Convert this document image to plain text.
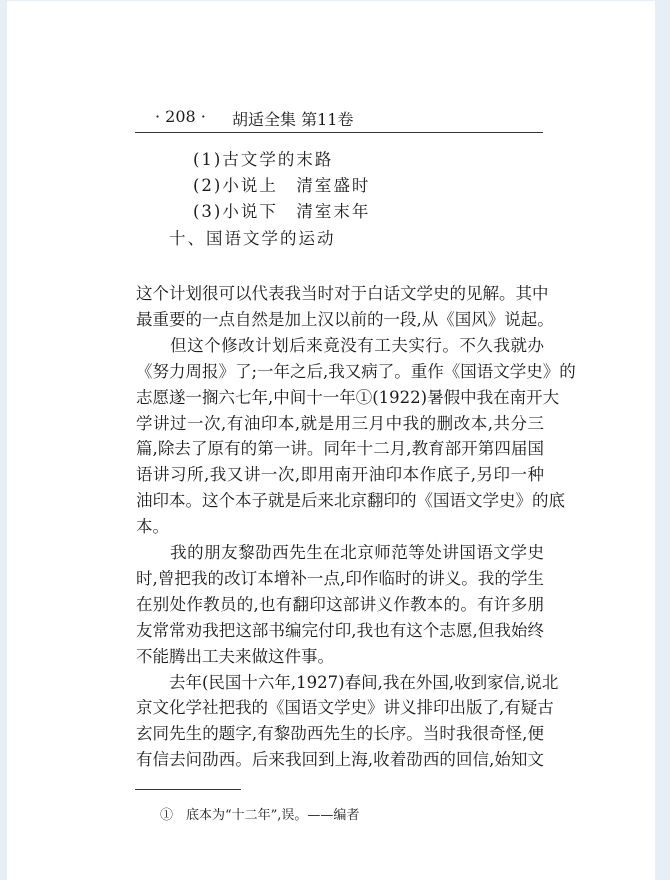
· 208 · 胡适全集 第11卷
(1)古文学的末路
(2)小说上　清室盛时
(3)小说下　清室末年
十、国语文学的运动
这个计划很可以代表我当时对于白话文学史的见解。其中
最重要的一点自然是加上汉以前的一段,从《国风》说起。
　　但这个修改计划后来竟没有工夫实行。不久我就办
《努力周报》了;一年之后,我又病了。重作《国语文学史》的
志愿遂一搁六七年,中间十一年①(1922)暑假中我在南开大
学讲过一次,有油印本,就是用三月中我的删改本,共分三
篇,除去了原有的第一讲。同年十二月,教育部开第四届国
语讲习所,我又讲一次,即用南开油印本作底子,另印一种
油印本。这个本子就是后来北京翻印的《国语文学史》的底
本。
　　我的朋友黎劭西先生在北京师范等处讲国语文学史
时,曾把我的改订本增补一点,印作临时的讲义。我的学生
在别处作教员的,也有翻印这部讲义作教本的。有许多朋
友常常劝我把这部书编完付印,我也有这个志愿,但我始终
不能腾出工夫来做这件事。
　　去年(民国十六年,1927)春间,我在外国,收到家信,说北
京文化学社把我的《国语文学史》讲义排印出版了,有疑古
玄同先生的题字,有黎劭西先生的长序。当时我很奇怪,便
有信去问劭西。后来我回到上海,收着劭西的回信,始知文
①　底本为“十二年”,误。——编者
